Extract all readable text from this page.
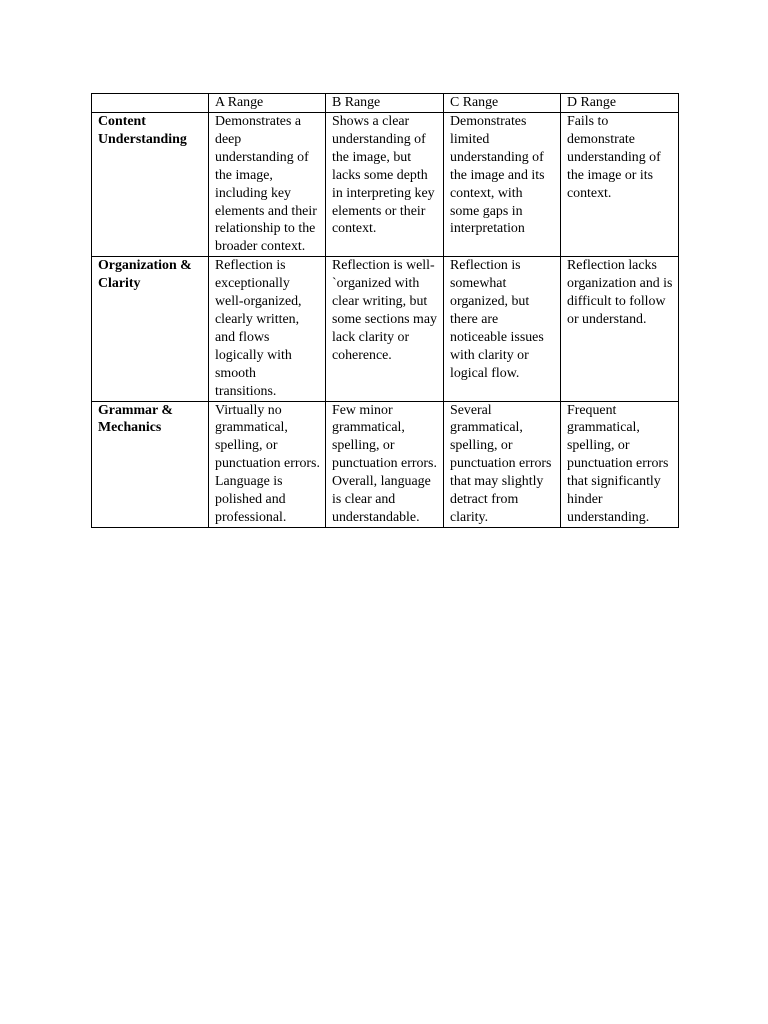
	A Range	B Range	C Range	D Range
Content Understanding	Demonstrates a deep understanding of the image, including key elements and their relationship to the broader context.	Shows a clear understanding of the image, but lacks some depth in interpreting key elements or their context.	Demonstrates limited understanding of the image and its context, with some gaps in interpretation	Fails to demonstrate understanding of the image or its context.
Organization & Clarity	Reflection is exceptionally well-organized, clearly written, and flows logically with smooth transitions.	Reflection is well-`organized with clear writing, but some sections may lack clarity or coherence.	Reflection is somewhat organized, but there are noticeable issues with clarity or logical flow.	Reflection lacks organization and is difficult to follow or understand.
Grammar & Mechanics	Virtually no grammatical, spelling, or punctuation errors. Language is polished and professional.	Few minor grammatical, spelling, or punctuation errors. Overall, language is clear and understandable.	Several grammatical, spelling, or punctuation errors that may slightly detract from clarity.	Frequent grammatical, spelling, or punctuation errors that significantly hinder understanding.
